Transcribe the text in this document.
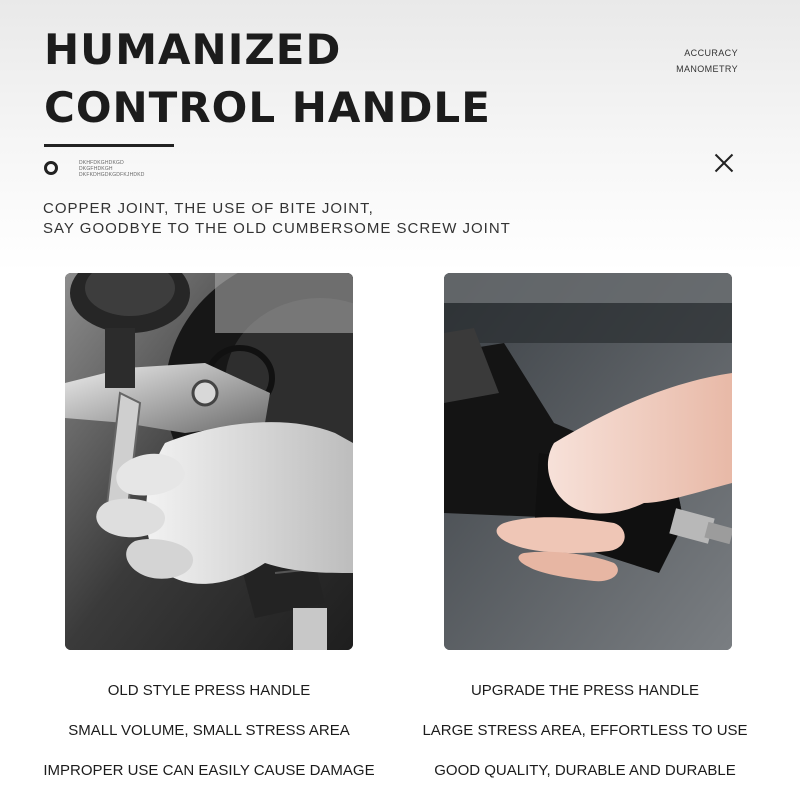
HUMANIZED
CONTROL HANDLE
ACCURACY
MANOMETRY
DKHFDKGHDKGD
DKGFHDKGH
DKFKDHGDKGDFKJHDKD
COPPER JOINT, THE USE OF BITE JOINT,
SAY GOODBYE TO THE OLD CUMBERSOME SCREW JOINT
OLD STYLE PRESS HANDLE
SMALL VOLUME, SMALL STRESS AREA
IMPROPER USE CAN EASILY CAUSE DAMAGE
UPGRADE THE PRESS HANDLE
LARGE STRESS AREA, EFFORTLESS TO USE
GOOD QUALITY, DURABLE AND DURABLE
